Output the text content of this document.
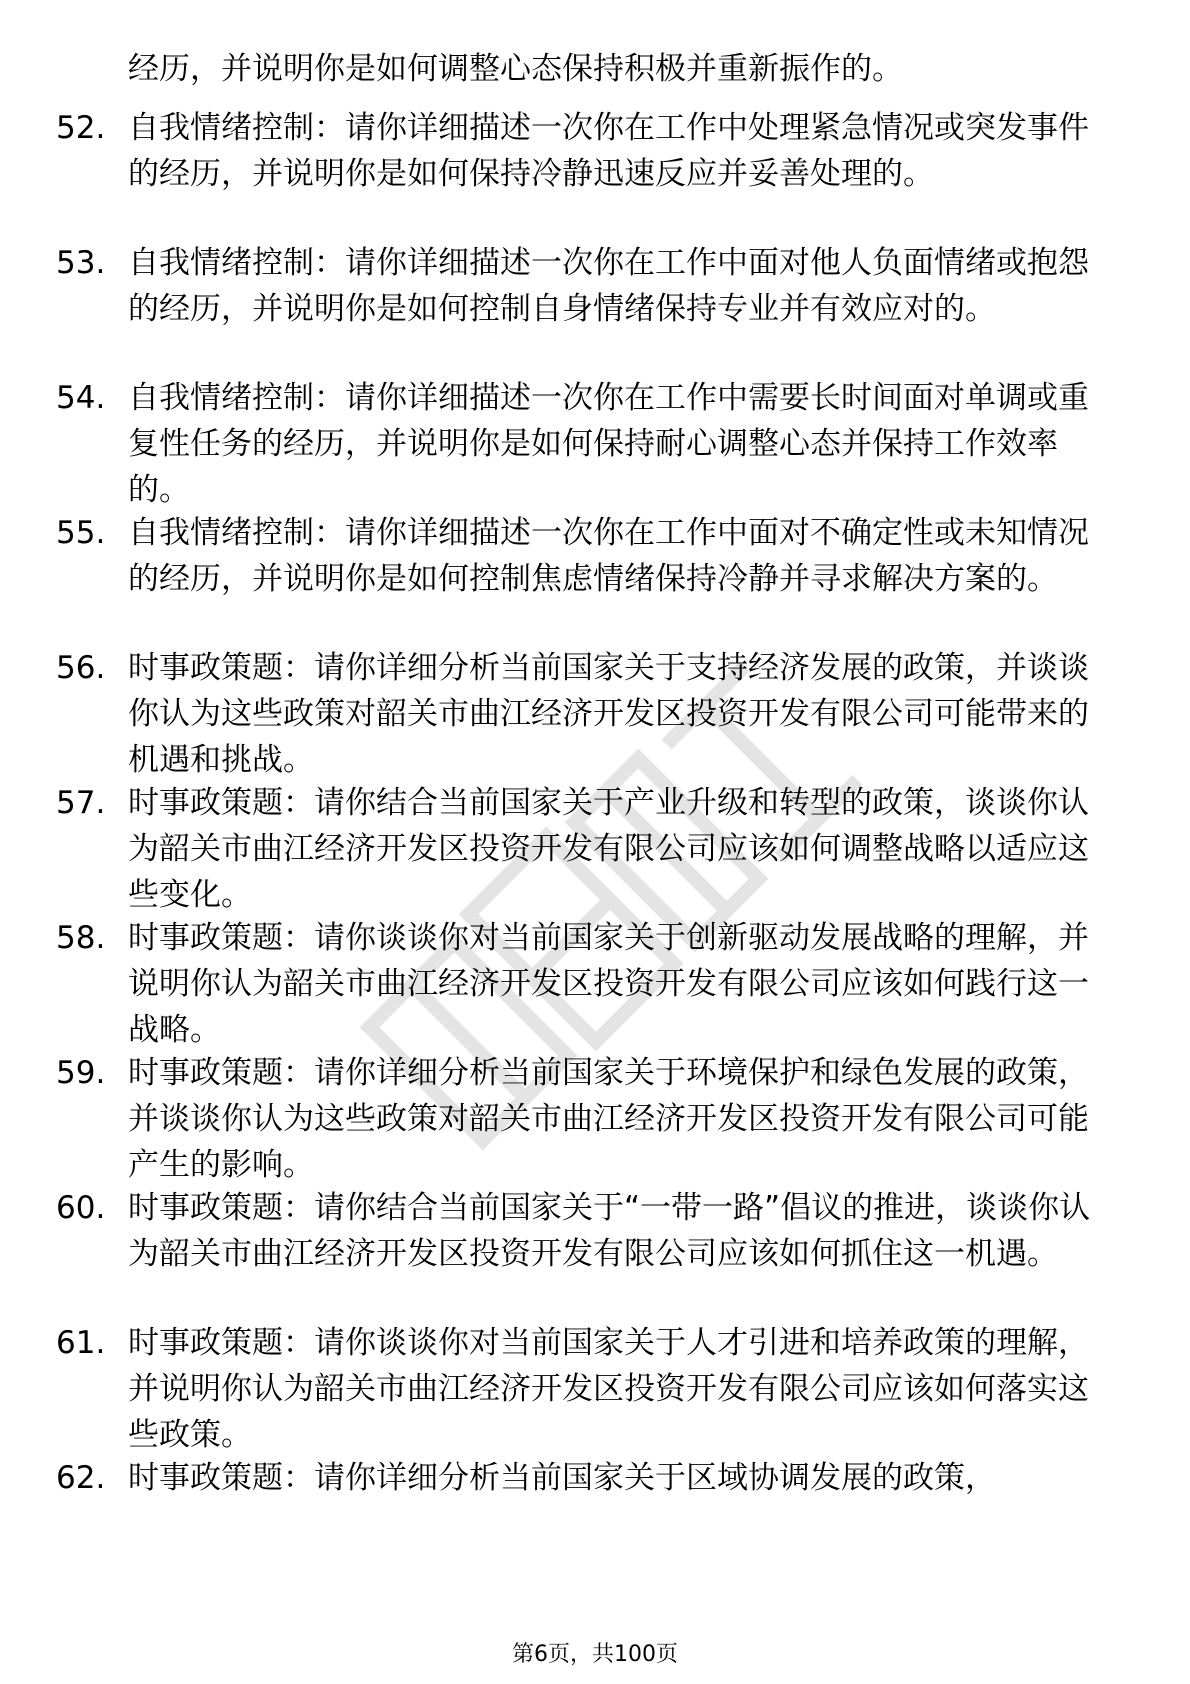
经历，并说明你是如何调整心态保持积极并重新振作的。
52. 自我情绪控制：请你详细描述一次你在工作中处理紧急情况或突发事件的经历，并说明你是如何保持冷静迅速反应并妥善处理的。
53. 自我情绪控制：请你详细描述一次你在工作中面对他人负面情绪或抱怨的经历，并说明你是如何控制自身情绪保持专业并有效应对的。
54. 自我情绪控制：请你详细描述一次你在工作中需要长时间面对单调或重复性任务的经历，并说明你是如何保持耐心调整心态并保持工作效率的。
55. 自我情绪控制：请你详细描述一次你在工作中面对不确定性或未知情况的经历，并说明你是如何控制焦虑情绪保持冷静并寻求解决方案的。
56. 时事政策题：请你详细分析当前国家关于支持经济发展的政策，并谈谈你认为这些政策对韶关市曲江经济开发区投资开发有限公司可能带来的机遇和挑战。
57. 时事政策题：请你结合当前国家关于产业升级和转型的政策，谈谈你认为韶关市曲江经济开发区投资开发有限公司应该如何调整战略以适应这些变化。
58. 时事政策题：请你谈谈你对当前国家关于创新驱动发展战略的理解，并说明你认为韶关市曲江经济开发区投资开发有限公司应该如何践行这一战略。
59. 时事政策题：请你详细分析当前国家关于环境保护和绿色发展的政策，并谈谈你认为这些政策对韶关市曲江经济开发区投资开发有限公司可能产生的影响。
60. 时事政策题：请你结合当前国家关于“一带一路”倡议的推进，谈谈你认为韶关市曲江经济开发区投资开发有限公司应该如何抓住这一机遇。
61. 时事政策题：请你谈谈你对当前国家关于人才引进和培养政策的理解，并说明你认为韶关市曲江经济开发区投资开发有限公司应该如何落实这些政策。
62. 时事政策题：请你详细分析当前国家关于区域协调发展的政策，
第6页，共100页
